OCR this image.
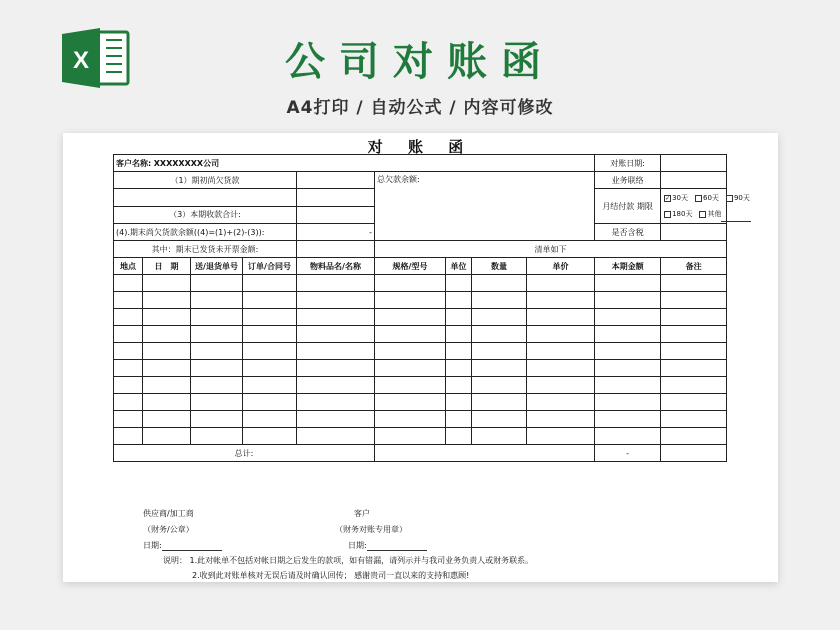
X	公司对账函
A4打印 / 自动公式 / 内容可修改
对 账 函
客户名称: XXXXXXXX公司									对账日期:	
（1）期初尚欠货款					总欠款余额:				业务联络	
									月结付款 期限	✓ 30天 60天 90天
180天 其他
（3）本期收款合计:										
(4).期末尚欠货款余额((4)=(1)+(2)-(3)):				-					是否含税	
其中：期末已发货未开票金额:					清单如下					
地点	日　期	送/退货单号	订单/合同号	物料品名/名称	规格/型号	单位	数量	单价	本期金额	备注

总计:									-	
供应商/加工商	客户
（财务/公章）	（财务对账专用章）
日期:	日期:
说明： 1.此对帐单不包括对帐日期之后发生的款项，如有错漏，请列示并与我司业务负责人或财务联系。
2.收到此对账单核对无误后请及时确认回传； 感谢贵司一直以来的支持和惠顾!
